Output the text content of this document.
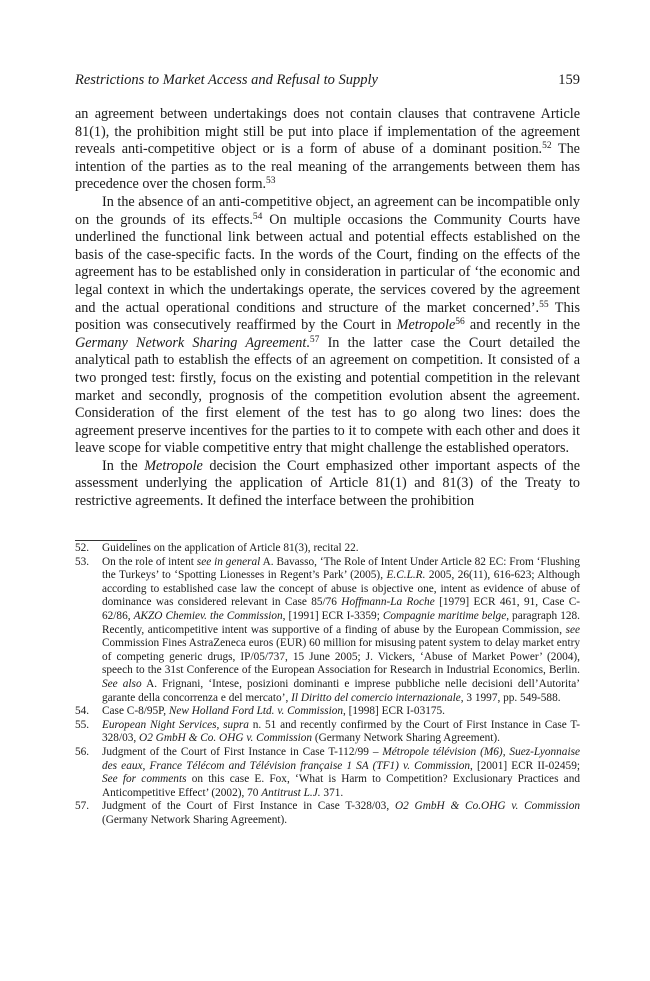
Restrictions to Market Access and Refusal to Supply	159

an agreement between undertakings does not contain clauses that contravene Article 81(1), the prohibition might still be put into place if implementation of the agreement reveals anti-competitive object or is a form of abuse of a dominant position.$^{52}$ The intention of the parties as to the real meaning of the arrangements between them has precedence over the chosen form.$^{53}$

In the absence of an anti-competitive object, an agreement can be incompatible only on the grounds of its effects.$^{54}$ On multiple occasions the Community Courts have underlined the functional link between actual and potential effects established on the basis of the case-specific facts. In the words of the Court, finding on the effects of the agreement has to be established only in consideration in particular of ‘the economic and legal context in which the undertakings operate, the services covered by the agreement and the actual operational conditions and structure of the market concerned’.$^{55}$ This position was consecutively reaffirmed by the Court in Metropole$^{56}$ and recently in the Germany Network Sharing Agreement.$^{57}$ In the latter case the Court detailed the analytical path to establish the effects of an agreement on competition. It consisted of a two pronged test: firstly, focus on the existing and potential competition in the relevant market and secondly, prognosis of the competition evolution absent the agreement. Consideration of the first element of the test has to go along two lines: does the agreement preserve incentives for the parties to it to compete with each other and does it leave scope for viable competitive entry that might challenge the established operators.

In the Metropole decision the Court emphasized other important aspects of the assessment underlying the application of Article 81(1) and 81(3) of the Treaty to restrictive agreements. It defined the interface between the prohibition

52. Guidelines on the application of Article 81(3), recital 22.
53. On the role of intent see in general A. Bavasso, ‘The Role of Intent Under Article 82 EC: From ‘Flushing the Turkeys’ to ‘Spotting Lionesses in Regent’s Park’ (2005), E.C.L.R. 2005, 26(11), 616-623; Although according to established case law the concept of abuse is objective one, intent as evidence of abuse of dominance was considered relevant in Case 85/76 Hoffmann-La Roche [1979] ECR 461, 91, Case C-62/86, AKZO Chemiev. the Commission, [1991] ECR I-3359; Compagnie maritime belge, paragraph 128. Recently, anticompetitive intent was supportive of a finding of abuse by the European Commission, see Commission Fines AstraZeneca euros (EUR) 60 million for misusing patent system to delay market entry of competing generic drugs, IP/05/737, 15 June 2005; J. Vickers, ‘Abuse of Market Power’ (2004), speech to the 31st Conference of the European Association for Research in Industrial Economics, Berlin. See also A. Frignani, ‘Intese, posizioni dominanti e imprese pubbliche nelle decisioni dell’Autorita’ garante della concorrenza e del mercato’, Il Diritto del comercio internazionale, 3 1997, pp. 549-588.
54. Case C-8/95P, New Holland Ford Ltd. v. Commission, [1998] ECR I-03175.
55. European Night Services, supra n. 51 and recently confirmed by the Court of First Instance in Case T-328/03, O2 GmbH & Co. OHG v. Commission (Germany Network Sharing Agreement).
56. Judgment of the Court of First Instance in Case T-112/99 – Métropole télévision (M6), Suez-Lyonnaise des eaux, France Télécom and Télévision française 1 SA (TF1) v. Commission, [2001] ECR II-02459; See for comments on this case E. Fox, ‘What is Harm to Competition? Exclusionary Practices and Anticompetitive Effect’ (2002), 70 Antitrust L.J. 371.
57. Judgment of the Court of First Instance in Case T-328/03, O2 GmbH & Co.OHG v. Commission (Germany Network Sharing Agreement).
